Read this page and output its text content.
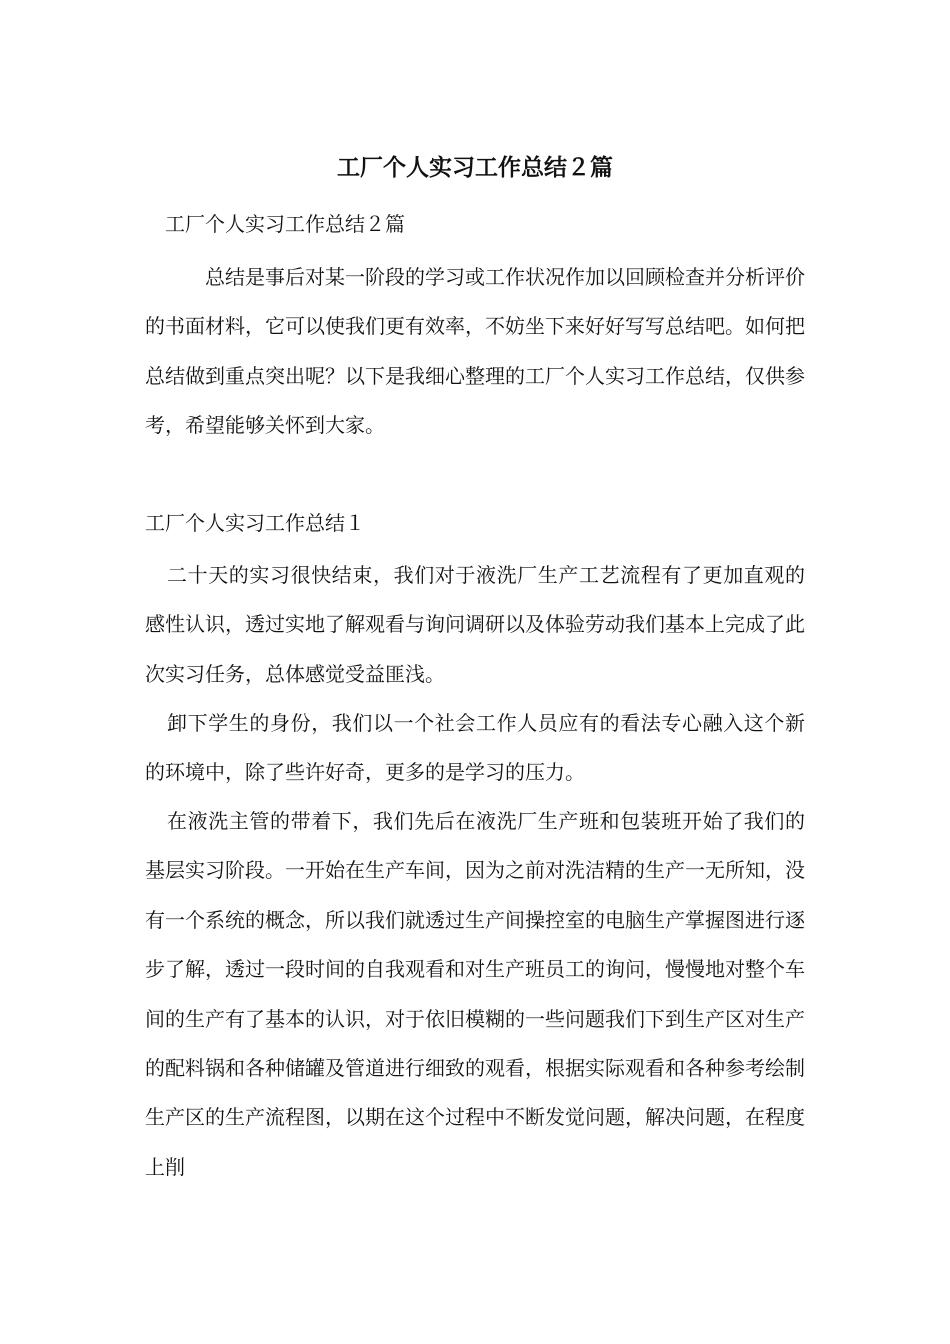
工厂个人实习工作总结２篇

工厂个人实习工作总结２篇

总结是事后对某一阶段的学习或工作状况作加以回顾检查并分析评价的书面材料，它可以使我们更有效率，不妨坐下来好好写写总结吧。如何把总结做到重点突出呢？以下是我细心整理的工厂个人实习工作总结，仅供参考，希望能够关怀到大家。

工厂个人实习工作总结１

二十天的实习很快结束，我们对于液洗厂生产工艺流程有了更加直观的感性认识，透过实地了解观看与询问调研以及体验劳动我们基本上完成了此次实习任务，总体感觉受益匪浅。

卸下学生的身份，我们以一个社会工作人员应有的看法专心融入这个新的环境中，除了些许好奇，更多的是学习的压力。

在液洗主管的带着下，我们先后在液洗厂生产班和包装班开始了我们的基层实习阶段。一开始在生产车间，因为之前对洗洁精的生产一无所知，没有一个系统的概念，所以我们就透过生产间操控室的电脑生产掌握图进行逐步了解，透过一段时间的自我观看和对生产班员工的询问，慢慢地对整个车间的生产有了基本的认识，对于依旧模糊的一些问题我们下到生产区对生产的配料锅和各种储罐及管道进行细致的观看，根据实际观看和各种参考绘制生产区的生产流程图，以期在这个过程中不断发觉问题，解决问题，在程度上削
